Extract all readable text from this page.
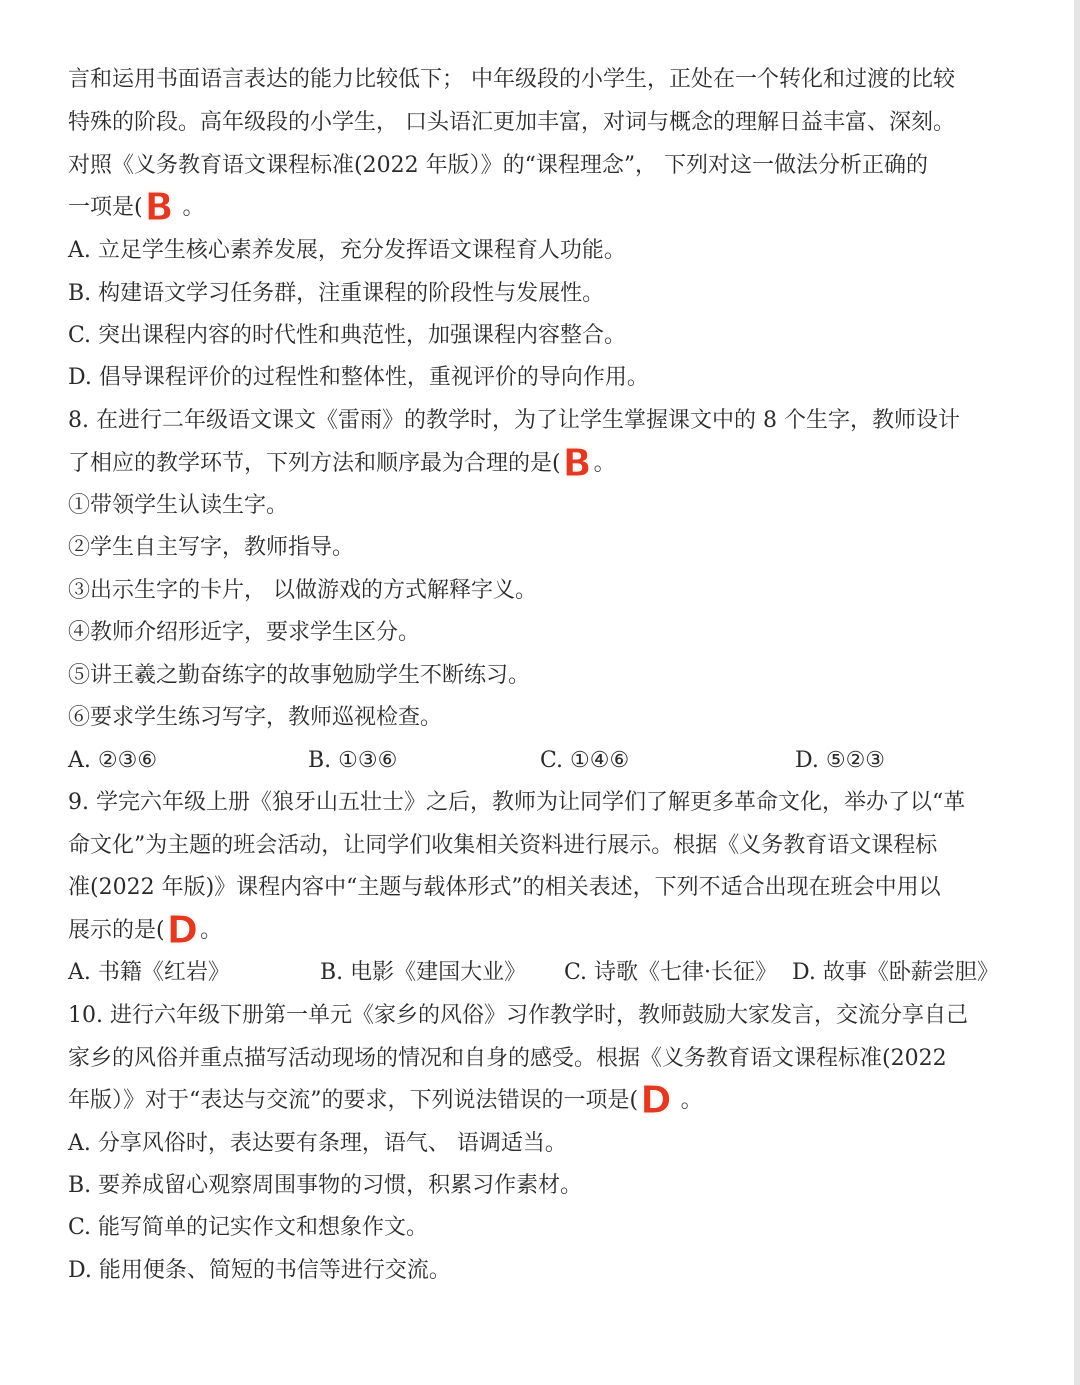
言和运用书面语言表达的能力比较低下； 中年级段的小学生，正处在一个转化和过渡的比较
特殊的阶段。高年级段的小学生， 口头语汇更加丰富，对词与概念的理解日益丰富、深刻。
对照《义务教育语文课程标准(2022 年版）》的“课程理念”， 下列对这一做法分析正确的
一项是(B 。
A. 立足学生核心素养发展，充分发挥语文课程育人功能。
B. 构建语文学习任务群，注重课程的阶段性与发展性。
C. 突出课程内容的时代性和典范性，加强课程内容整合。
D. 倡导课程评价的过程性和整体性，重视评价的导向作用。
8. 在进行二年级语文课文《雷雨》的教学时，为了让学生掌握课文中的 8 个生字，教师设计
了相应的教学环节，下列方法和顺序最为合理的是(B。
①带领学生认读生字。
②学生自主写字，教师指导。
③出示生字的卡片， 以做游戏的方式解释字义。
④教师介绍形近字，要求学生区分。
⑤讲王羲之勤奋练字的故事勉励学生不断练习。
⑥要求学生练习写字，教师巡视检查。
A. ②③⑥	B. ①③⑥	C. ①④⑥	D. ⑤②③
9. 学完六年级上册《狼牙山五壮士》之后，教师为让同学们了解更多革命文化，举办了以“革
命文化”为主题的班会活动，让同学们收集相关资料进行展示。根据《义务教育语文课程标
准(2022 年版)》课程内容中“主题与载体形式”的相关表述，下列不适合出现在班会中用以
展示的是(D。
A. 书籍《红岩》	B. 电影《建国大业》 C. 诗歌《七律·长征》 D. 故事《卧薪尝胆》
10. 进行六年级下册第一单元《家乡的风俗》习作教学时，教师鼓励大家发言，交流分享自己
家乡的风俗并重点描写活动现场的情况和自身的感受。根据《义务教育语文课程标准(2022
年版）》对于“表达与交流”的要求，下列说法错误的一项是(D 。
A. 分享风俗时，表达要有条理，语气、 语调适当。
B. 要养成留心观察周围事物的习惯，积累习作素材。
C. 能写简单的记实作文和想象作文。
D. 能用便条、简短的书信等进行交流。
